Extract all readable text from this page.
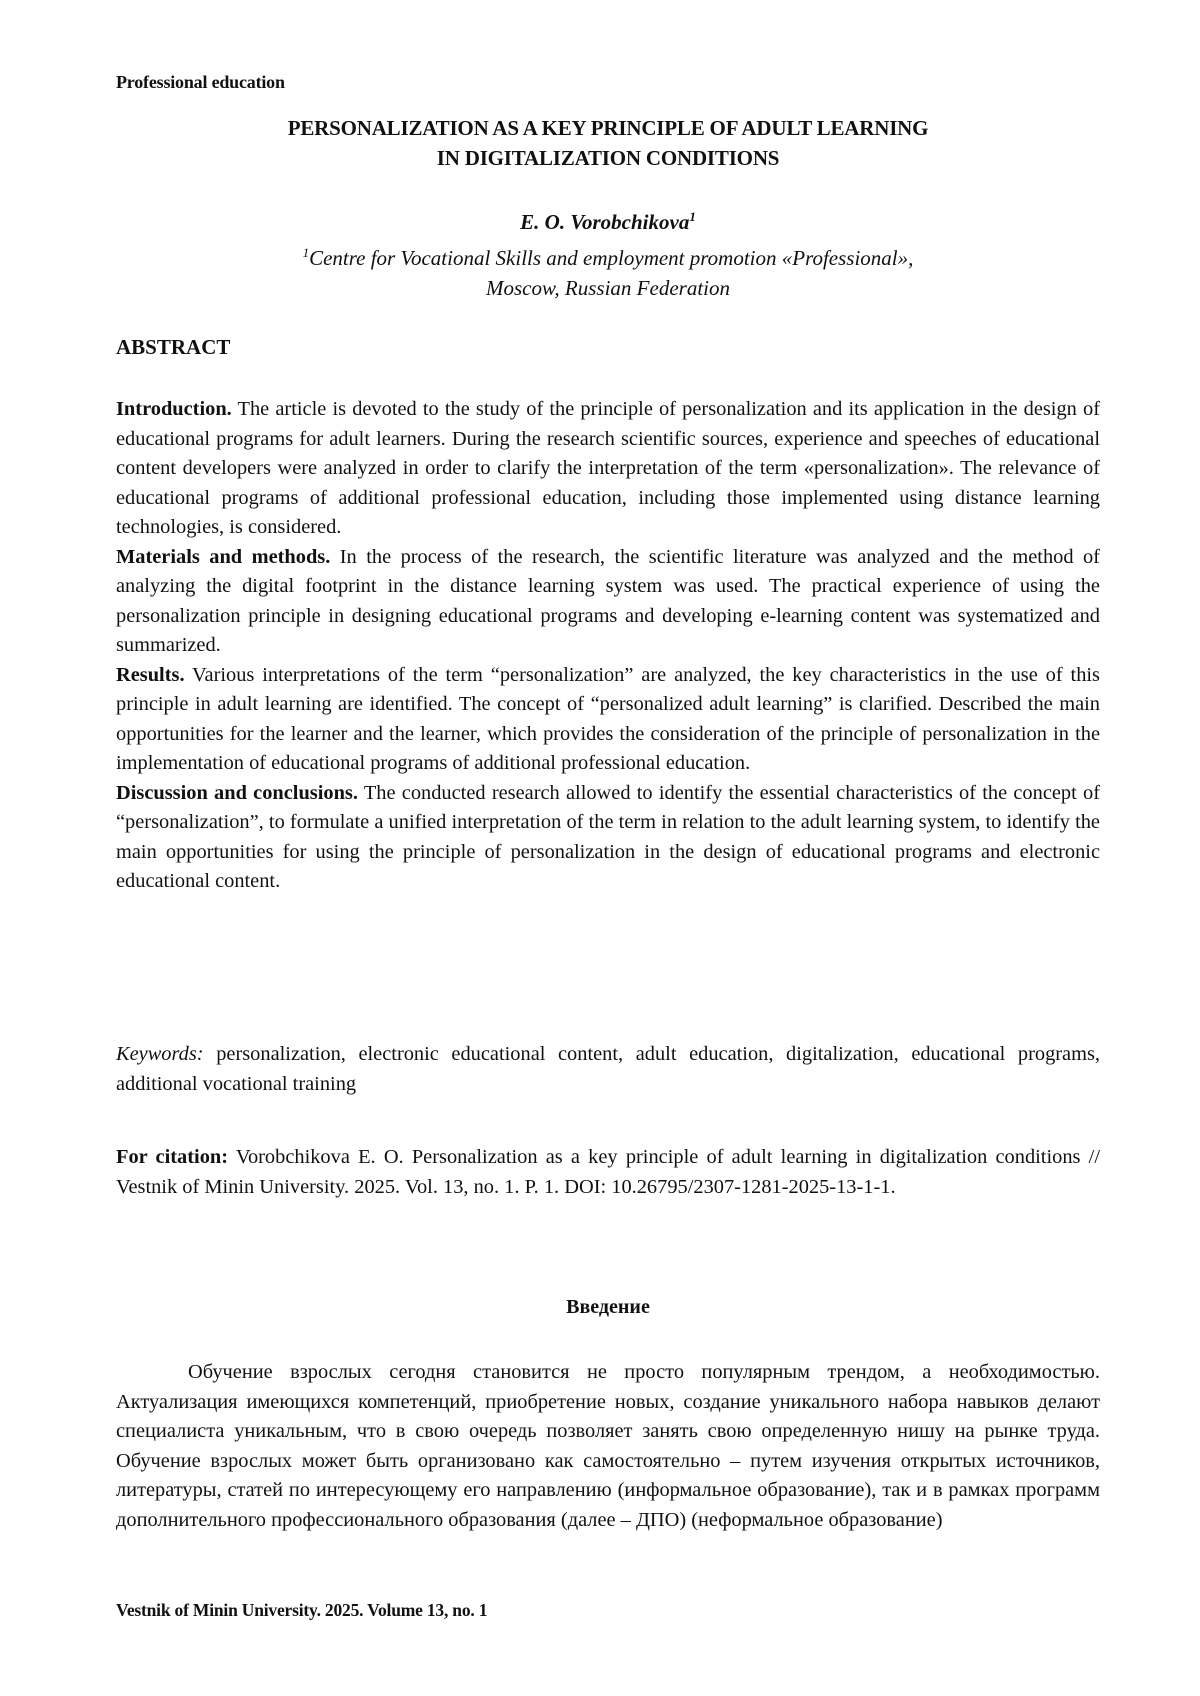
Professional education
PERSONALIZATION AS A KEY PRINCIPLE OF ADULT LEARNING
IN DIGITALIZATION CONDITIONS
E. O. Vorobchikova$^1$
$^1$Centre for Vocational Skills and employment promotion «Professional»,
Moscow, Russian Federation
ABSTRACT

Introduction. The article is devoted to the study of the principle of personalization and its application in the design of educational programs for adult learners. During the research scientific sources, experience and speeches of educational content developers were analyzed in order to clarify the interpretation of the term «personalization». The relevance of educational programs of additional professional education, including those implemented using distance learning technologies, is considered.

Materials and methods. In the process of the research, the scientific literature was analyzed and the method of analyzing the digital footprint in the distance learning system was used. The practical experience of using the personalization principle in designing educational programs and developing e-learning content was systematized and summarized.

Results. Various interpretations of the term “personalization” are analyzed, the key characteristics in the use of this principle in adult learning are identified. The concept of “personalized adult learning” is clarified. Described the main opportunities for the learner and the learner, which provides the consideration of the principle of personalization in the implementation of educational programs of additional professional education.

Discussion and conclusions. The conducted research allowed to identify the essential characteristics of the concept of “personalization”, to formulate a unified interpretation of the term in relation to the adult learning system, to identify the main opportunities for using the principle of personalization in the design of educational programs and electronic educational content.

Keywords: personalization, electronic educational content, adult education, digitalization, educational programs, additional vocational training
For citation: Vorobchikova E. O. Personalization as a key principle of adult learning in digitalization conditions // Vestnik of Minin University. 2025. Vol. 13, no. 1. P. 1. DOI: 10.26795/2307-1281-2025-13-1-1.
Введение

Обучение взрослых сегодня становится не просто популярным трендом, а необходимостью. Актуализация имеющихся компетенций, приобретение новых, создание уникального набора навыков делают специалиста уникальным, что в свою очередь позволяет занять свою определенную нишу на рынке труда. Обучение взрослых может быть организовано как самостоятельно – путем изучения открытых источников, литературы, статей по интересующему его направлению (информальное образование), так и в рамках программ дополнительного профессионального образования (далее – ДПО) (неформальное образование)

Vestnik of Minin University. 2025. Volume 13, no. 1
